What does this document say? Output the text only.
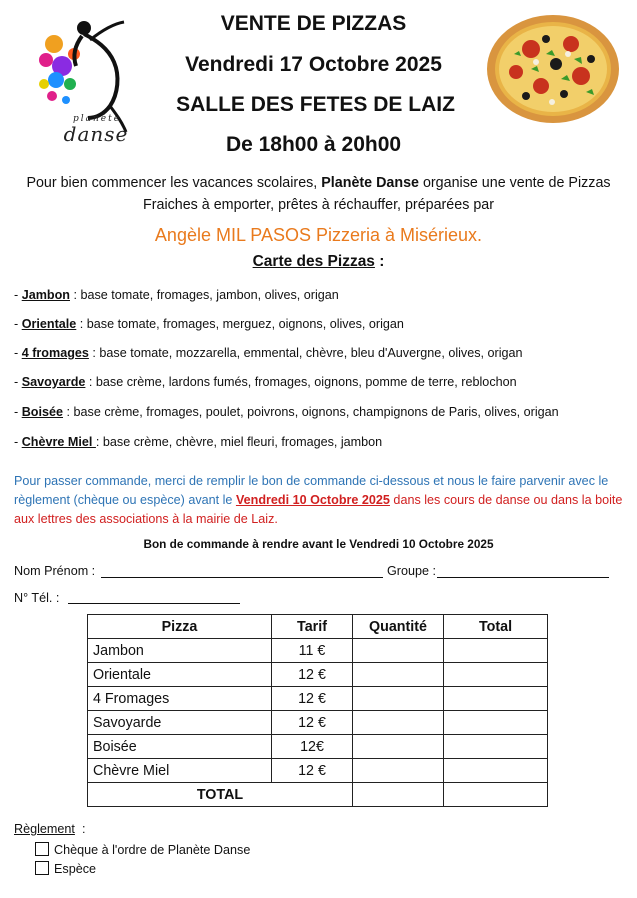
planète
danse
VENTE DE PIZZAS
Vendredi 17 Octobre 2025
SALLE DES FETES DE LAIZ
De 18h00 à 20h00
Pour bien commencer les vacances scolaires, Planète Danse organise une vente de Pizzas Fraiches à emporter, prêtes à réchauffer, préparées par
Angèle MIL PASOS Pizzeria à Misérieux.
Carte des Pizzas :
- Jambon : base tomate, fromages, jambon, olives, origan
- Orientale : base tomate, fromages, merguez, oignons, olives, origan
- 4 fromages : base tomate, mozzarella, emmental, chèvre, bleu d'Auvergne, olives, origan
- Savoyarde : base crème, lardons fumés, fromages, oignons, pomme de terre, reblochon
- Boisée : base crème, fromages, poulet, poivrons, oignons, champignons de Paris, olives, origan
- Chèvre Miel : base crème, chèvre, miel fleuri, fromages, jambon
Pour passer commande, merci de remplir le bon de commande ci-dessous et nous le faire parvenir avec le règlement (chèque ou espèce) avant le Vendredi 10 Octobre 2025 dans les cours de danse ou dans la boite aux lettres des associations à la mairie de Laiz.
Bon de commande à rendre avant le Vendredi 10 Octobre 2025
Nom Prénom :	Groupe :
N° Tél. :
Pizza	Tarif	Quantité	Total
Jambon	11 €		
Orientale	12 €		
4 Fromages	12 €		
Savoyarde	12 €		
Boisée	12€		
Chèvre Miel	12 €		
TOTAL			
Règlement :
Chèque à l'ordre de Planète Danse
Espèce
